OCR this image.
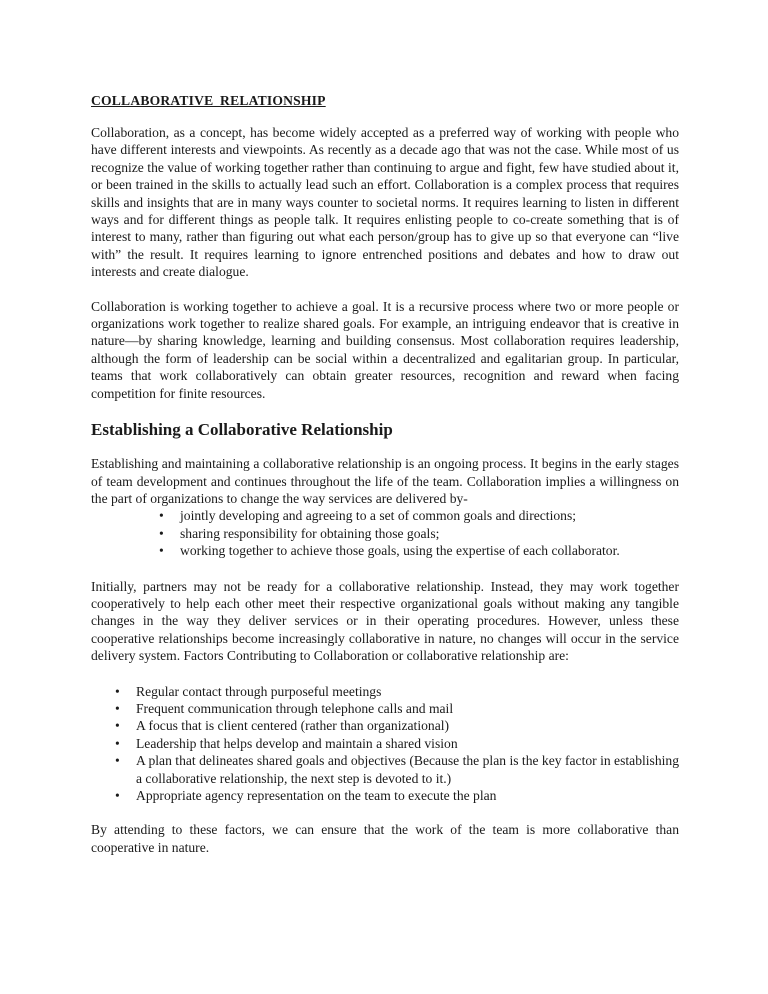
COLLABORATIVE RELATIONSHIP

Collaboration, as a concept, has become widely accepted as a preferred way of working with people who have different interests and viewpoints. As recently as a decade ago that was not the case. While most of us recognize the value of working together rather than continuing to argue and fight, few have studied about it, or been trained in the skills to actually lead such an effort. Collaboration is a complex process that requires skills and insights that are in many ways counter to societal norms. It requires learning to listen in different ways and for different things as people talk. It requires enlisting people to co-create something that is of interest to many, rather than figuring out what each person/group has to give up so that everyone can “live with” the result. It requires learning to ignore entrenched positions and debates and how to draw out interests and create dialogue.

Collaboration is working together to achieve a goal. It is a recursive process where two or more people or organizations work together to realize shared goals. For example, an intriguing endeavor that is creative in nature—by sharing knowledge, learning and building consensus. Most collaboration requires leadership, although the form of leadership can be social within a decentralized and egalitarian group. In particular, teams that work collaboratively can obtain greater resources, recognition and reward when facing competition for finite resources.

Establishing a Collaborative Relationship

Establishing and maintaining a collaborative relationship is an ongoing process. It begins in the early stages of team development and continues throughout the life of the team. Collaboration implies a willingness on the part of organizations to change the way services are delivered by-

• jointly developing and agreeing to a set of common goals and directions;
• sharing responsibility for obtaining those goals;
• working together to achieve those goals, using the expertise of each collaborator.

Initially, partners may not be ready for a collaborative relationship. Instead, they may work together cooperatively to help each other meet their respective organizational goals without making any tangible changes in the way they deliver services or in their operating procedures. However, unless these cooperative relationships become increasingly collaborative in nature, no changes will occur in the service delivery system. Factors Contributing to Collaboration or collaborative relationship are:

• Regular contact through purposeful meetings
• Frequent communication through telephone calls and mail
• A focus that is client centered (rather than organizational)
• Leadership that helps develop and maintain a shared vision
• A plan that delineates shared goals and objectives (Because the plan is the key factor in establishing a collaborative relationship, the next step is devoted to it.)
• Appropriate agency representation on the team to execute the plan

By attending to these factors, we can ensure that the work of the team is more collaborative than cooperative in nature.
